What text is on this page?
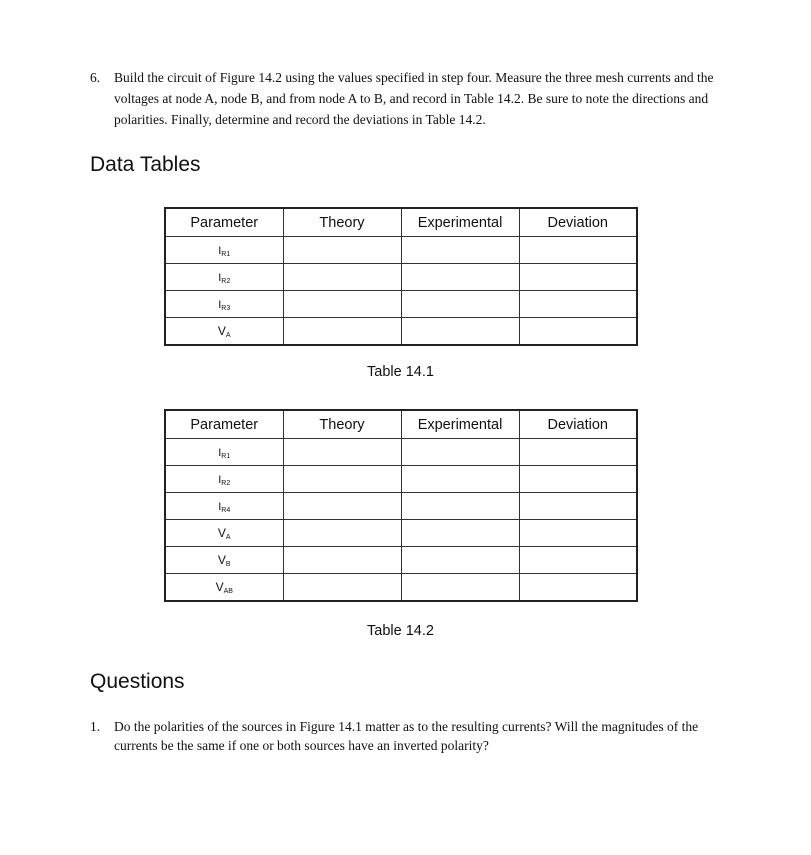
6. Build the circuit of Figure 14.2 using the values specified in step four. Measure the three mesh currents and the voltages at node A, node B, and from node A to B, and record in Table 14.2. Be sure to note the directions and polarities. Finally, determine and record the deviations in Table 14.2.
Data Tables
Parameter	Theory	Experimental	Deviation
$I_{R1}$			
$I_{R2}$			
$I_{R3}$			
$V_A$			
Table 14.1
Parameter	Theory	Experimental	Deviation
$I_{R1}$			
$I_{R2}$			
$I_{R4}$			
$V_A$			
$V_B$			
$V_{AB}$			
Table 14.2
Questions
1. Do the polarities of the sources in Figure 14.1 matter as to the resulting currents? Will the magnitudes of the currents be the same if one or both sources have an inverted polarity?
